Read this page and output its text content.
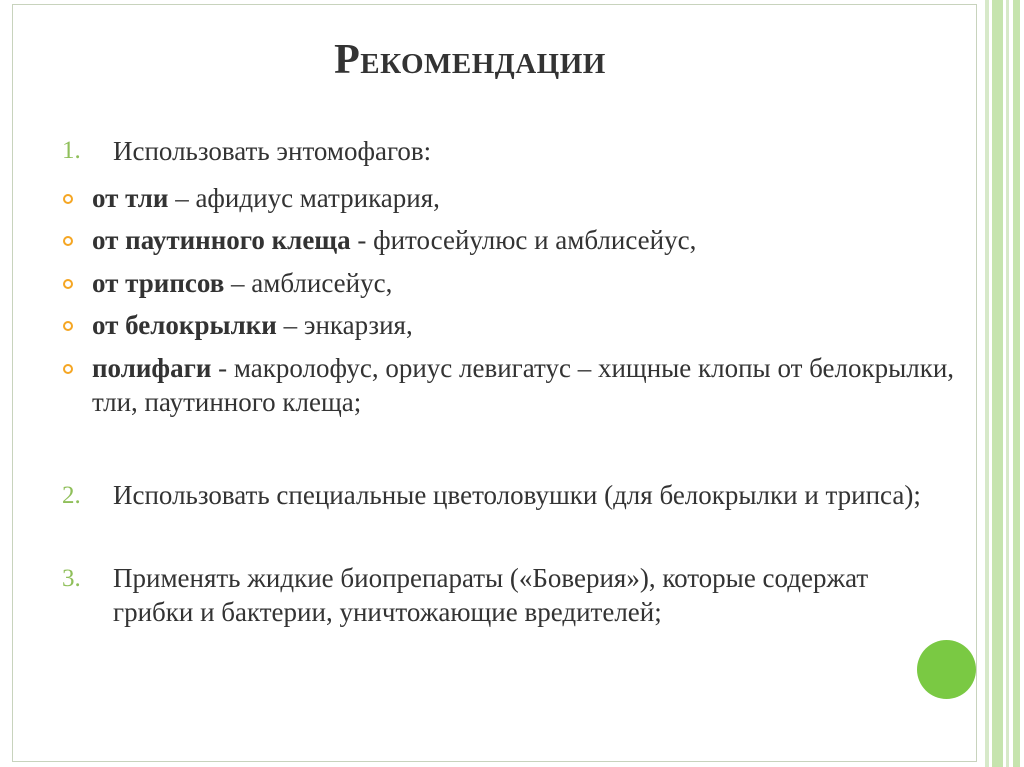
Рекомендации
1. Использовать энтомофагов:
от тли – афидиус матрикария,
от паутинного клеща - фитосейулюс и амблисейус,
от трипсов – амблисейус,
от белокрылки – энкарзия,
полифаги - макролофус, ориус левигатус – хищные клопы от белокрылки, тли, паутинного клеща;
2. Использовать специальные цветоловушки (для белокрылки и трипса);
3. Применять жидкие биопрепараты («Боверия»), которые содержат грибки и бактерии, уничтожающие вредителей;
